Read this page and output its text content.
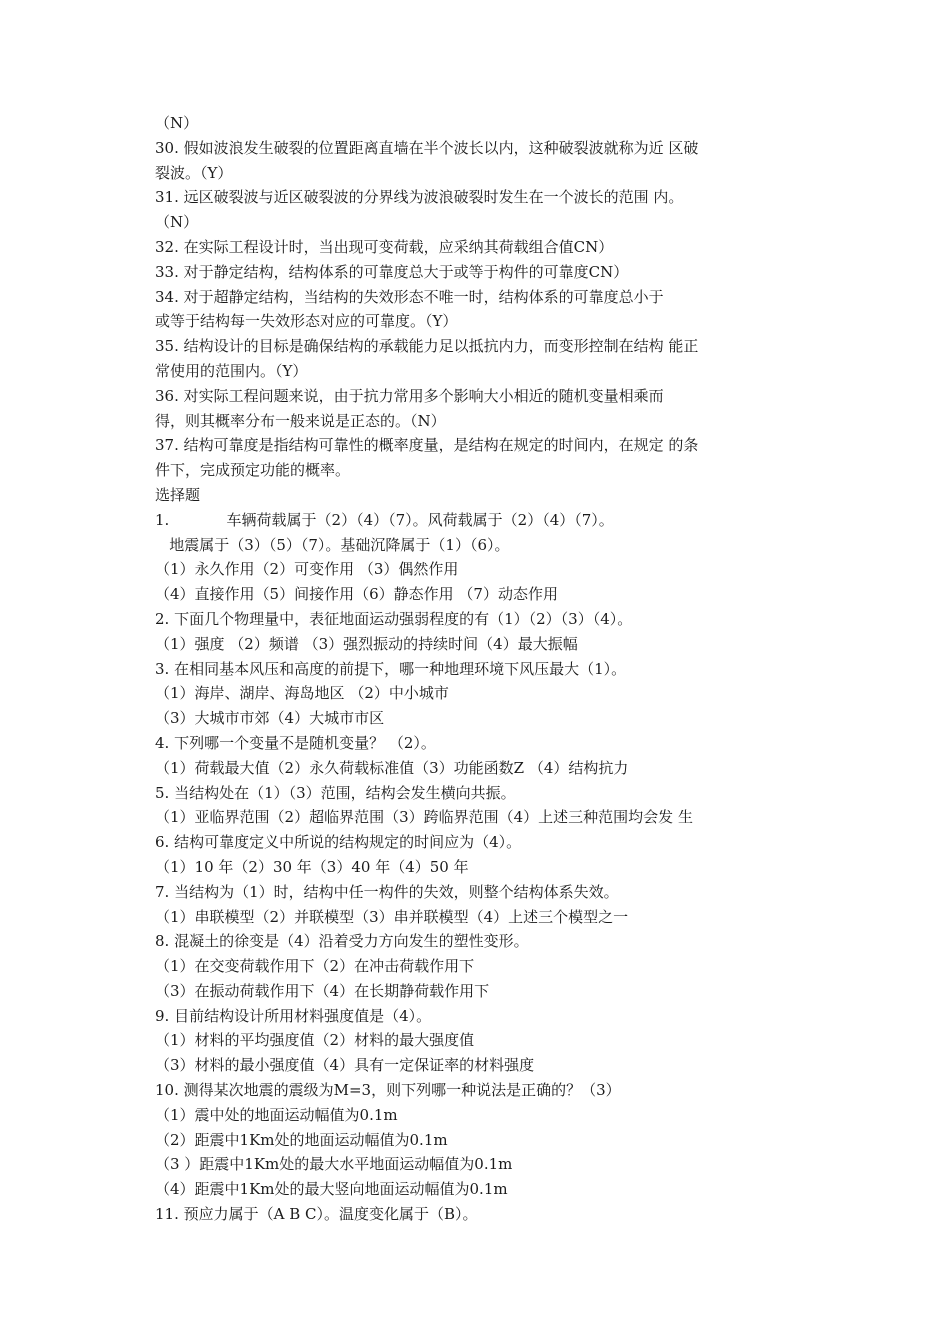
（N）
30. 假如波浪发生破裂的位置距离直墙在半个波长以内，这种破裂波就称为近 区破
裂波。（Y）
31. 远区破裂波与近区破裂波的分界线为波浪破裂时发生在一个波长的范围 内。
（N）
32. 在实际工程设计时，当出现可变荷载，应采纳其荷载组合值CN）
33. 对于静定结构，结构体系的可靠度总大于或等于构件的可靠度CN）
34. 对于超静定结构，当结构的失效形态不唯一时，结构体系的可靠度总小于
或等于结构每一失效形态对应的可靠度。（Y）
35. 结构设计的目标是确保结构的承载能力足以抵抗内力，而变形控制在结构 能正
常使用的范围内。（Y）
36. 对实际工程问题来说，由于抗力常用多个影响大小相近的随机变量相乘而
得，则其概率分布一般来说是正态的。（N）
37. 结构可靠度是指结构可靠性的概率度量，是结构在规定的时间内，在规定 的条
件下，完成预定功能的概率。
选择题
1.            车辆荷载属于（2）（4）（7）。风荷载属于（2）（4）（7）。
地震属于（3）（5）（7）。基础沉降属于（1）（6）。
（1）永久作用（2）可变作用 （3）偶然作用
（4）直接作用（5）间接作用（6）静态作用 （7）动态作用
2. 下面几个物理量中，表征地面运动强弱程度的有（1）（2）（3）（4）。
（1）强度 （2）频谱 （3）强烈振动的持续时间（4）最大振幅
3. 在相同基本风压和高度的前提下，哪一种地理环境下风压最大（1）。
（1）海岸、湖岸、海岛地区 （2）中小城市
（3）大城市市郊（4）大城市市区
4. 下列哪一个变量不是随机变量？ （2）。
（1）荷载最大值（2）永久荷载标准值（3）功能函数Z （4）结构抗力
5. 当结构处在（1）（3）范围，结构会发生横向共振。
（1）亚临界范围（2）超临界范围（3）跨临界范围（4）上述三种范围均会发 生
6. 结构可靠度定义中所说的结构规定的时间应为（4）。
（1）10 年（2）30 年（3）40 年（4）50 年
7. 当结构为（1）时，结构中任一构件的失效，则整个结构体系失效。
（1）串联模型（2）并联模型（3）串并联模型（4）上述三个模型之一
8. 混凝土的徐变是（4）沿着受力方向发生的塑性变形。
（1）在交变荷载作用下（2）在冲击荷载作用下
（3）在振动荷载作用下（4）在长期静荷载作用下
9. 目前结构设计所用材料强度值是（4）。
（1）材料的平均强度值（2）材料的最大强度值
（3）材料的最小强度值（4）具有一定保证率的材料强度
10. 测得某次地震的震级为M=3，则下列哪一种说法是正确的？（3）
（1）震中处的地面运动幅值为0.1m
（2）距震中1Km处的地面运动幅值为0.1m
（3 ）距震中1Km处的最大水平地面运动幅值为0.1m
（4）距震中1Km处的最大竖向地面运动幅值为0.1m
11. 预应力属于（A B C）。温度变化属于（B）。
